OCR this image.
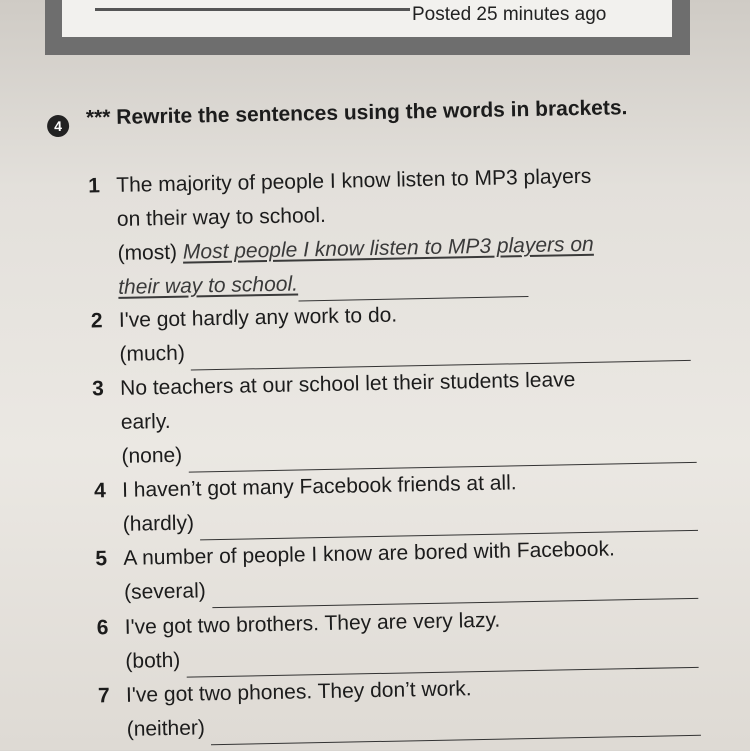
Posted 25 minutes ago
4	*** Rewrite the sentences using the words in brackets.
1 The majority of people I know listen to MP3 players
on their way to school.
(most) Most people I know listen to MP3 players on
their way to school.
2 I've got hardly any work to do.
(much)
3 No teachers at our school let their students leave
early.
(none)
4 I haven’t got many Facebook friends at all.
(hardly)
5 A number of people I know are bored with Facebook.
(several)
6 I've got two brothers. They are very lazy.
(both)
7 I've got two phones. They don’t work.
(neither)
